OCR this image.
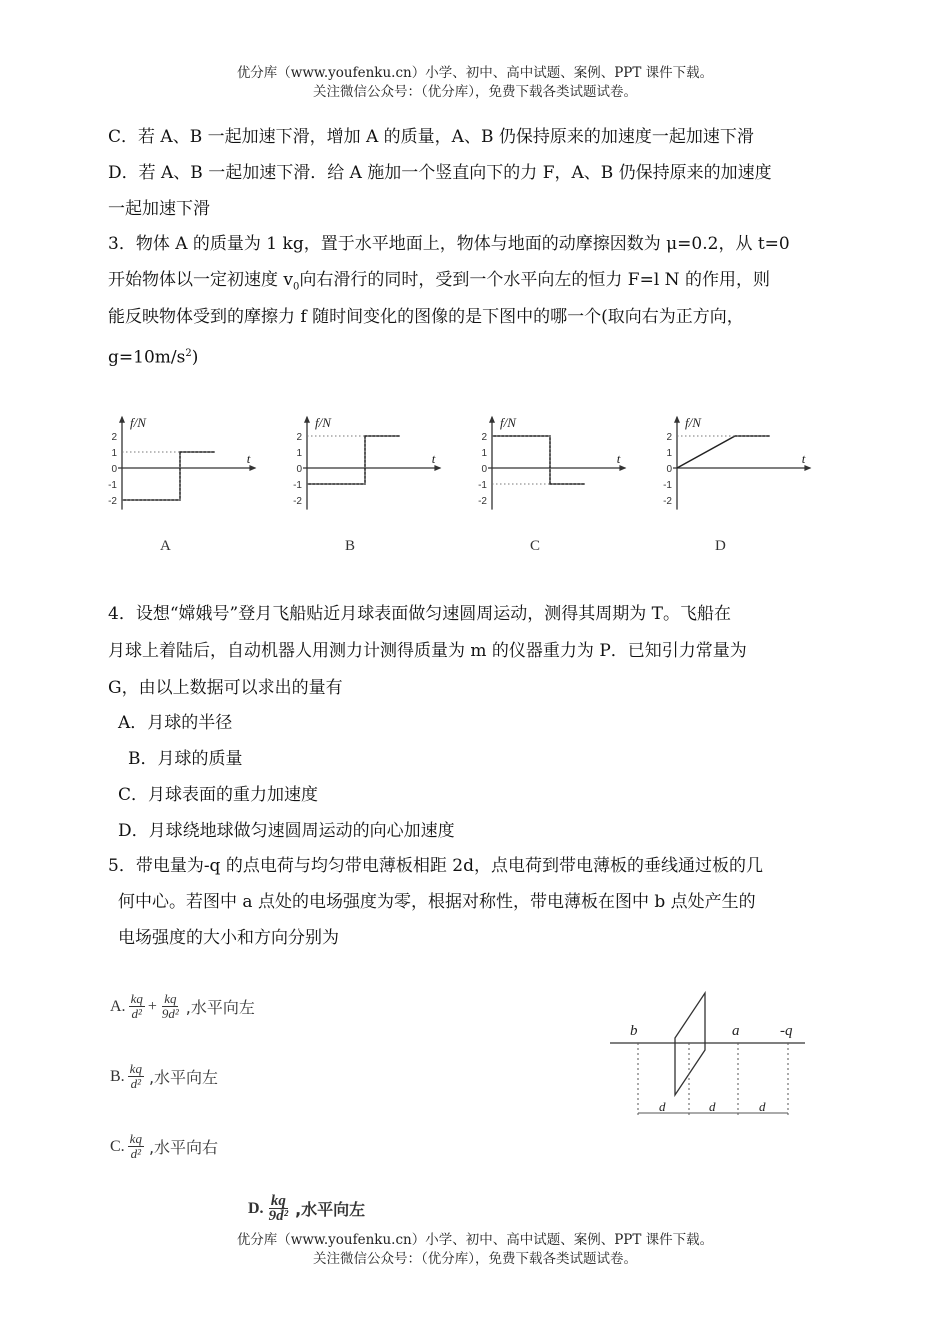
优分库（www.youfenku.cn）小学、初中、高中试题、案例、PPT 课件下载。
关注微信公众号：（优分库），免费下载各类试题试卷。
C．若 A、B 一起加速下滑，增加 A 的质量，A、B 仍保持原来的加速度一起加速下滑
D．若 A、B 一起加速下滑．给 A 施加一个竖直向下的力 F，A、B 仍保持原来的加速度
一起加速下滑
3．物体 A 的质量为 1 kg，置于水平地面上，物体与地面的动摩擦因数为 μ=0.2，从 t=0
开始物体以一定初速度 $v_0$向右滑行的同时，受到一个水平向左的恒力 F=l N 的作用，则
能反映物体受到的摩擦力 f 随时间变化的图像的是下图中的哪一个(取向右为正方向，
$g=10m/s^2$)
f/N
t
2
1
0
-1
-2
A
f/N
t
2
1
0
-1
-2
B
f/N
t
2
1
0
-1
-2
C
f/N
t
2
1
0
-1
-2
D
4．设想“嫦娥号”登月飞船贴近月球表面做匀速圆周运动，测得其周期为 T。飞船在
月球上着陆后，自动机器人用测力计测得质量为 m 的仪器重力为 P．已知引力常量为
G，由以上数据可以求出的量有
A．月球的半径
B．月球的质量
C．月球表面的重力加速度
D．月球绕地球做匀速圆周运动的向心加速度
5．带电量为-q 的点电荷与均匀带电薄板相距 2d，点电荷到带电薄板的垂线通过板的几
何中心。若图中 a 点处的电场强度为零，根据对称性，带电薄板在图中 b 点处产生的
电场强度的大小和方向分别为
A. $\frac{kq}{\text{d²}} + \frac{kq}{\text{9d²}}$ ,水平向左
B. $\frac{kq}{\text{d²}}$ ,水平向左
C. $\frac{kq}{\text{d²}}$ ,水平向右
D. $\frac{kq}{\text{9d²}}$ ,水平向左
b	a	-q
d	d	d
优分库（www.youfenku.cn）小学、初中、高中试题、案例、PPT 课件下载。
关注微信公众号：（优分库），免费下载各类试题试卷。
